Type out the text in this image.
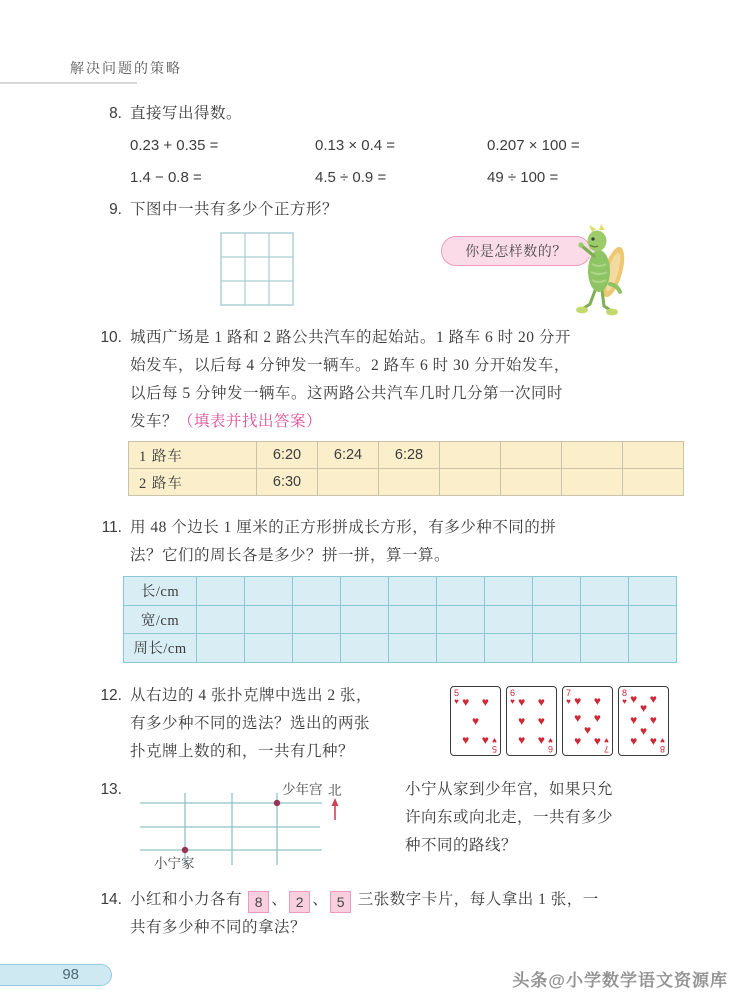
解决问题的策略
8. 直接写出得数。
0.23 + 0.35 =	0.13 × 0.4 =	0.207 × 100 =
1.4 − 0.8 =	4.5 ÷ 0.9 =	49 ÷ 100 =
9. 下图中一共有多少个正方形？
你是怎样数的？
10. 城西广场是 1 路和 2 路公共汽车的起始站。1 路车 6 时 20 分开
始发车，以后每 4 分钟发一辆车。2 路车 6 时 30 分开始发车，
以后每 5 分钟发一辆车。这两路公共汽车几时几分第一次同时
发车？（填表并找出答案）
1 路车	6:20	6:24	6:28				
2 路车	6:30						
11. 用 48 个边长 1 厘米的正方形拼成长方形，有多少种不同的拼
法？它们的周长各是多少？拼一拼，算一算。
长/cm										
宽/cm										
周长/cm										
12. 从右边的 4 张扑克牌中选出 2 张，
有多少种不同的选法？选出的两张
扑克牌上数的和，一共有几种？
5
♥
5
♥
♥ ♥
♥
♥ ♥
6
♥
6
♥
♥ ♥
♥ ♥
♥ ♥
7
♥
7
♥
♥ ♥
♥ ♥
♥
♥ ♥
8
♥
8
♥
♥ ♥
♥
♥ ♥
♥
♥ ♥
13.
小宁家
少年宫 北	小宁从家到少年宫，如果只允
许向东或向北走，一共有多少
种不同的路线？
14. 小红和小力各有 8 、 2 、 5 三张数字卡片，每人拿出 1 张，一
共有多少种不同的拿法？
98	头条@小学数学语文资源库
